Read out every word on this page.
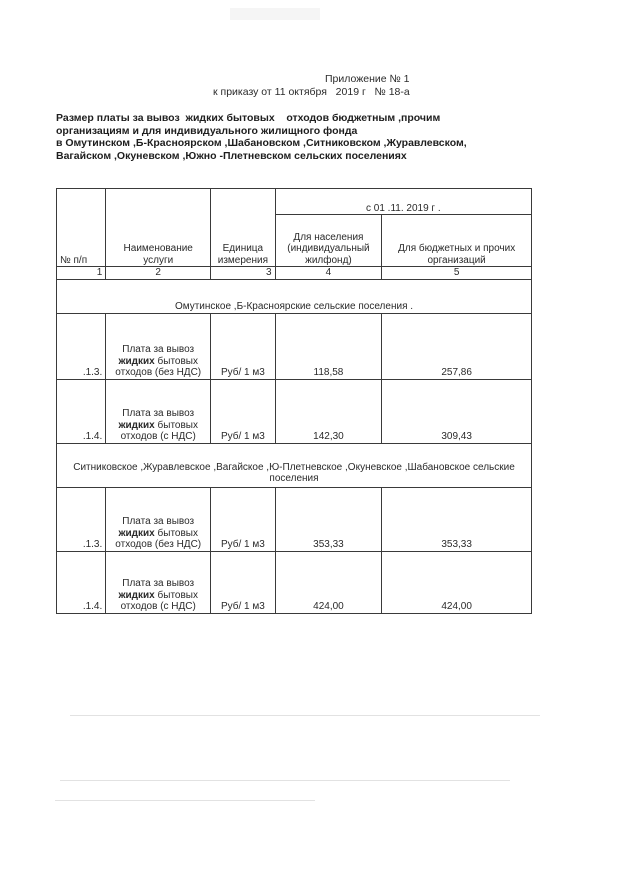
Приложение № 1
к приказу от 11 октября   2019 г   № 18-а
Размер платы за вывоз  жидких бытовых    отходов бюджетным ,прочим
организациям и для индивидуального жилищного фонда
в Омутинском ,Б-Красноярском ,Шабановском ,Ситниковском ,Журавлевском,
Вагайском ,Окуневском ,Южно -Плетневском сельских поселениях
№ п/п	Наименование услуги	Единица измерения	с 01 .11. 2019 г .	
			Для населения (индивидуальный жилфонд)	Для бюджетных и прочих организаций
1	2	3	4	5
Омутинское ,Б-Красноярские сельские поселения .				
.1.3.	Плата за вывоз
жидких бытовых
отходов (без НДС)	Руб/ 1 м3	118,58	257,86
.1.4.	Плата за вывоз
жидких бытовых
отходов (с НДС)	Руб/ 1 м3	142,30	309,43
Ситниковское ,Журавлевское ,Вагайское ,Ю-Плетневское ,Окуневское ,Шабановское сельские поселения				
.1.3.	Плата за вывоз
жидких бытовых
отходов (без НДС)	Руб/ 1 м3	353,33	353,33
.1.4.	Плата за вывоз
жидких бытовых
отходов (с НДС)	Руб/ 1 м3	424,00	424,00
